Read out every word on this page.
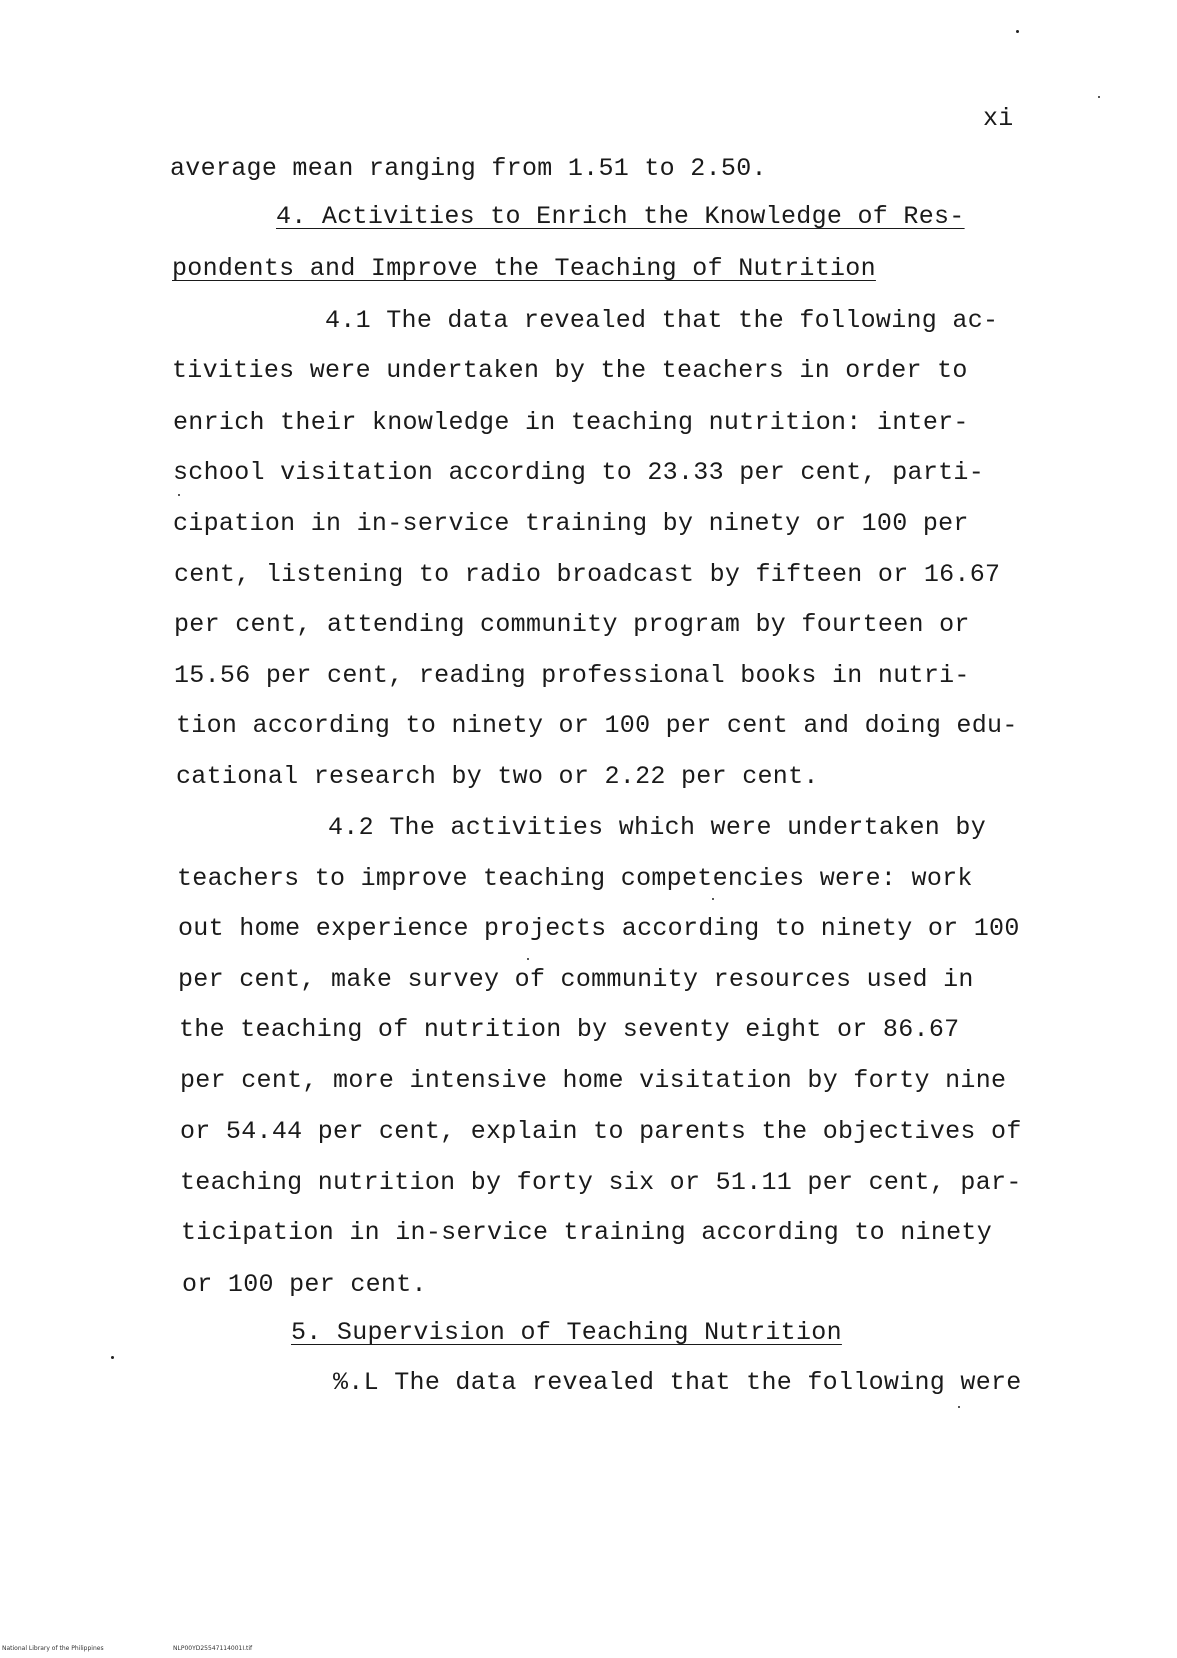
xi
average mean ranging from 1.51 to 2.50.
4. Activities to Enrich the Knowledge of Res-
pondents and Improve the Teaching of Nutrition
4.1 The data revealed that the following ac-
tivities were undertaken by the teachers in order to
enrich their knowledge in teaching nutrition: inter-
school visitation according to 23.33 per cent, parti-
cipation in in-service training by ninety or 100 per
cent, listening to radio broadcast by fifteen or 16.67
per cent, attending community program by fourteen or
15.56 per cent, reading professional books in nutri-
tion according to ninety or 100 per cent and doing edu-
cational research by two or 2.22 per cent.
4.2 The activities which were undertaken by
teachers to improve teaching competencies were: work
out home experience projects according to ninety or 100
per cent, make survey of community resources used in
the teaching of nutrition by seventy eight or 86.67
per cent, more intensive home visitation by forty nine
or 54.44 per cent, explain to parents the objectives of
teaching nutrition by forty six or 51.11 per cent, par-
ticipation in in-service training according to ninety
or 100 per cent.
5. Supervision of Teaching Nutrition
%.L The data revealed that the following were
National Library of the Philippines	NLP00YD25547114001I.tif
